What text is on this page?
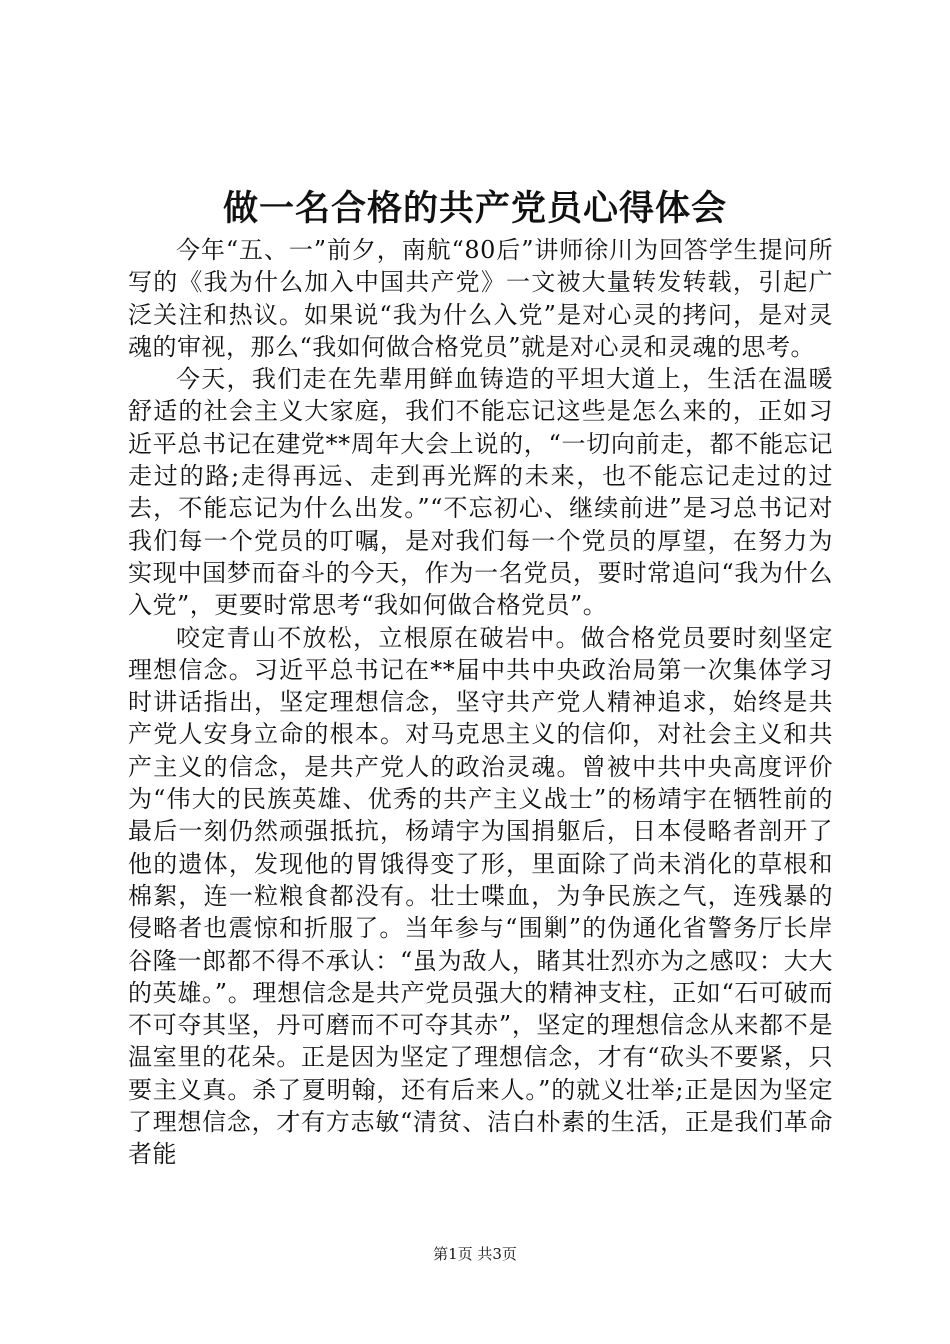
做一名合格的共产党员心得体会

今年“五、一”前夕，南航“80后”讲师徐川为回答学生提问所写的《我为什么加入中国共产党》一文被大量转发转载，引起广泛关注和热议。如果说“我为什么入党”是对心灵的拷问，是对灵魂的审视，那么“我如何做合格党员”就是对心灵和灵魂的思考。

今天，我们走在先辈用鲜血铸造的平坦大道上，生活在温暖舒适的社会主义大家庭，我们不能忘记这些是怎么来的，正如习近平总书记在建党**周年大会上说的，“一切向前走，都不能忘记走过的路;走得再远、走到再光辉的未来，也不能忘记走过的过去，不能忘记为什么出发。”“不忘初心、继续前进”是习总书记对我们每一个党员的叮嘱，是对我们每一个党员的厚望，在努力为实现中国梦而奋斗的今天，作为一名党员，要时常追问“我为什么入党”，更要时常思考“我如何做合格党员”。

咬定青山不放松，立根原在破岩中。做合格党员要时刻坚定理想信念。习近平总书记在**届中共中央政治局第一次集体学习时讲话指出，坚定理想信念，坚守共产党人精神追求，始终是共产党人安身立命的根本。对马克思主义的信仰，对社会主义和共产主义的信念，是共产党人的政治灵魂。曾被中共中央高度评价为“伟大的民族英雄、优秀的共产主义战士”的杨靖宇在牺牲前的最后一刻仍然顽强抵抗，杨靖宇为国捐躯后，日本侵略者剖开了他的遗体，发现他的胃饿得变了形，里面除了尚未消化的草根和棉絮，连一粒粮食都没有。壮士喋血，为争民族之气，连残暴的侵略者也震惊和折服了。当年参与“围剿”的伪通化省警务厅长岸谷隆一郎都不得不承认：“虽为敌人，睹其壮烈亦为之感叹：大大的英雄。”。理想信念是共产党员强大的精神支柱，正如“石可破而不可夺其坚，丹可磨而不可夺其赤”，坚定的理想信念从来都不是温室里的花朵。正是因为坚定了理想信念，才有“砍头不要紧，只要主义真。杀了夏明翰，还有后来人。”的就义壮举;正是因为坚定了理想信念，才有方志敏“清贫、洁白朴素的生活，正是我们革命者能

第1页 共3页
